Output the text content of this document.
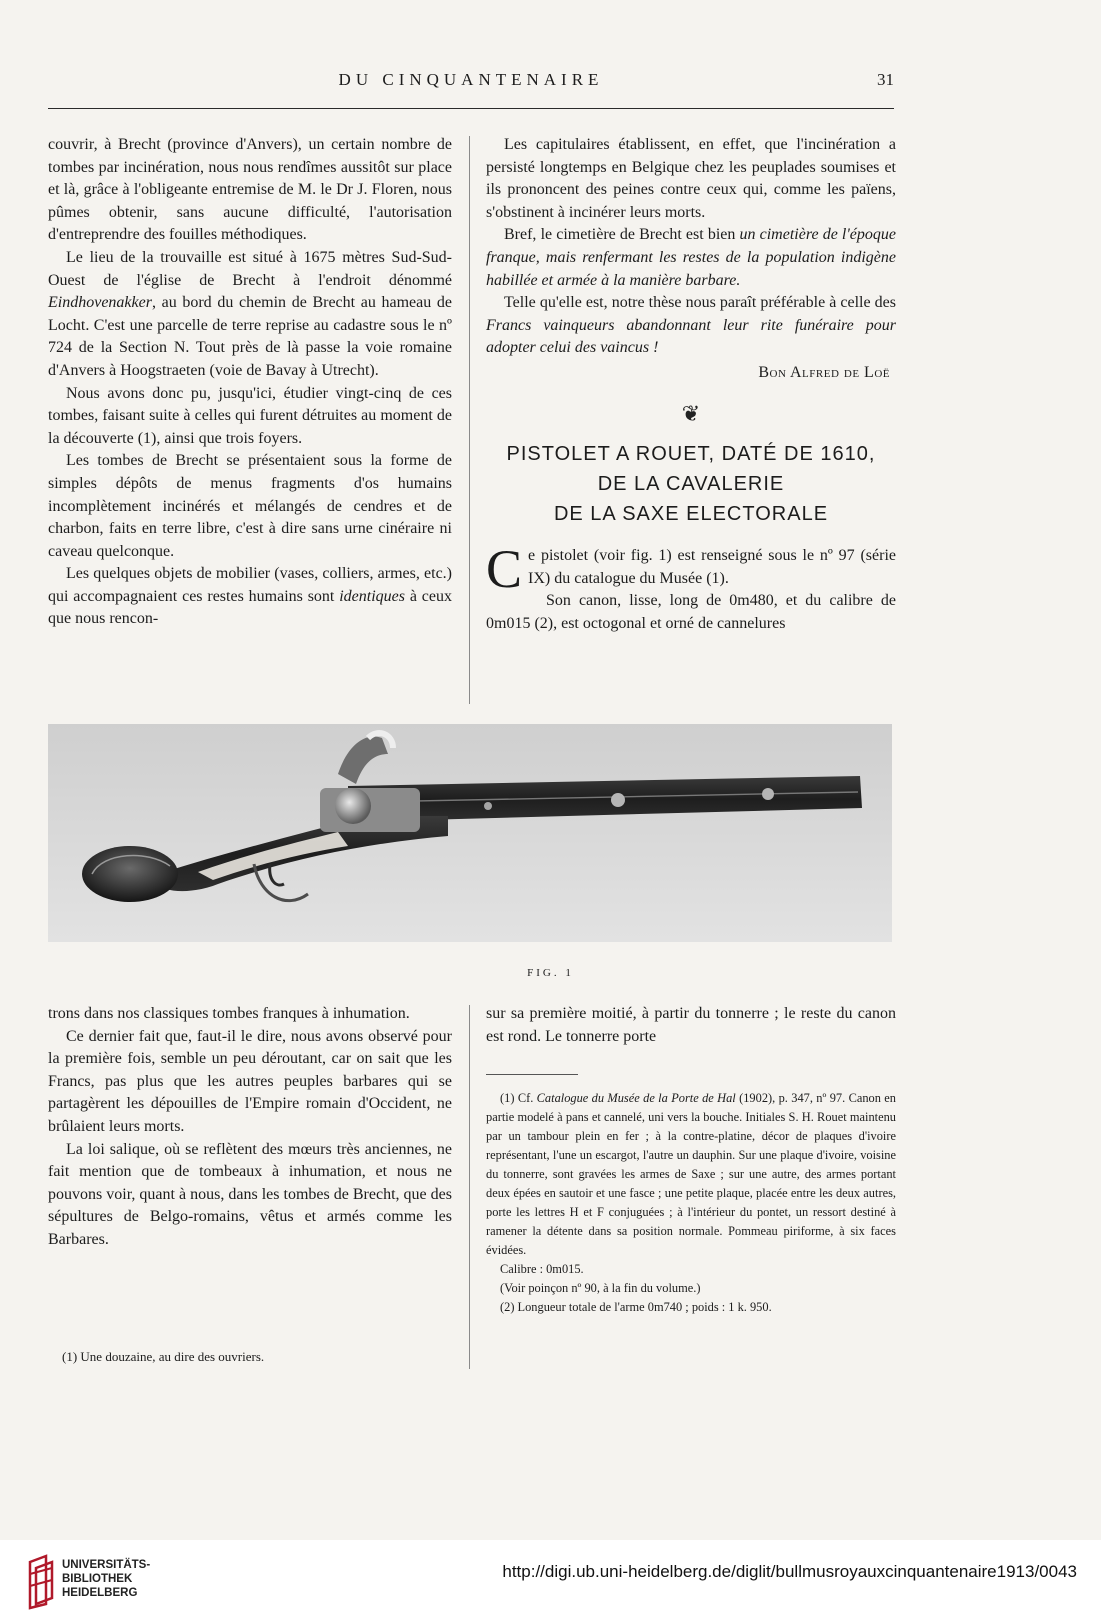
DU CINQUANTENAIRE	31

couvrir, à Brecht (province d'Anvers), un certain nombre de tombes par incinération, nous nous rendîmes aussitôt sur place et là, grâce à l'obligeante entremise de M. le Dr J. Floren, nous pûmes obtenir, sans aucune difficulté, l'autorisation d'entreprendre des fouilles méthodiques.

Le lieu de la trouvaille est situé à 1675 mètres Sud-Sud-Ouest de l'église de Brecht à l'endroit dénommé Eindhovenakker, au bord du chemin de Brecht au hameau de Locht. C'est une parcelle de terre reprise au cadastre sous le nº 724 de la Section N. Tout près de là passe la voie romaine d'Anvers à Hoogstraeten (voie de Bavay à Utrecht).

Nous avons donc pu, jusqu'ici, étudier vingt-cinq de ces tombes, faisant suite à celles qui furent détruites au moment de la découverte (1), ainsi que trois foyers.

Les tombes de Brecht se présentaient sous la forme de simples dépôts de menus fragments d'os humains incomplètement incinérés et mélangés de cendres et de charbon, faits en terre libre, c'est à dire sans urne cinéraire ni caveau quelconque.

Les quelques objets de mobilier (vases, colliers, armes, etc.) qui accompagnaient ces restes humains sont identiques à ceux que nous rencon-

Les capitulaires établissent, en effet, que l'incinération a persisté longtemps en Belgique chez les peuplades soumises et ils prononcent des peines contre ceux qui, comme les païens, s'obstinent à incinérer leurs morts.

Bref, le cimetière de Brecht est bien un cimetière de l'époque franque, mais renfermant les restes de la population indigène habillée et armée à la manière barbare.

Telle qu'elle est, notre thèse nous paraît préférable à celle des Francs vainqueurs abandonnant leur rite funéraire pour adopter celui des vaincus !

Bon Alfred de Loë
❦
PISTOLET A ROUET, DATÉ DE 1610,
DE LA CAVALERIE
DE LA SAXE ELECTORALE

Ce pistolet (voir fig. 1) est renseigné sous le nº 97 (série IX) du catalogue du Musée (1).

Son canon, lisse, long de 0m480, et du calibre de 0m015 (2), est octogonal et orné de cannelures

FIG. 1

trons dans nos classiques tombes franques à inhumation.

Ce dernier fait que, faut-il le dire, nous avons observé pour la première fois, semble un peu déroutant, car on sait que les Francs, pas plus que les autres peuples barbares qui se partagèrent les dépouilles de l'Empire romain d'Occident, ne brûlaient leurs morts.

La loi salique, où se reflètent des mœurs très anciennes, ne fait mention que de tombeaux à inhumation, et nous ne pouvons voir, quant à nous, dans les tombes de Brecht, que des sépultures de Belgo-romains, vêtus et armés comme les Barbares.

(1) Une douzaine, au dire des ouvriers.

sur sa première moitié, à partir du tonnerre ; le reste du canon est rond. Le tonnerre porte

(1) Cf. Catalogue du Musée de la Porte de Hal (1902), p. 347, nº 97. Canon en partie modelé à pans et cannelé, uni vers la bouche. Initiales S. H. Rouet maintenu par un tambour plein en fer ; à la contre-platine, décor de plaques d'ivoire représentant, l'une un escargot, l'autre un dauphin. Sur une plaque d'ivoire, voisine du tonnerre, sont gravées les armes de Saxe ; sur une autre, des armes portant deux épées en sautoir et une fasce ; une petite plaque, placée entre les deux autres, porte les lettres H et F conjuguées ; à l'intérieur du pontet, un ressort destiné à ramener la détente dans sa position normale. Pommeau piriforme, à six faces évidées.

Calibre : 0m015.

(Voir poinçon nº 90, à la fin du volume.)

(2) Longueur totale de l'arme 0m740 ; poids : 1 k. 950.

UNIVERSITÄTS-
BIBLIOTHEK
HEIDELBERG
http://digi.ub.uni-heidelberg.de/diglit/bullmusroyauxcinquantenaire1913/0043
